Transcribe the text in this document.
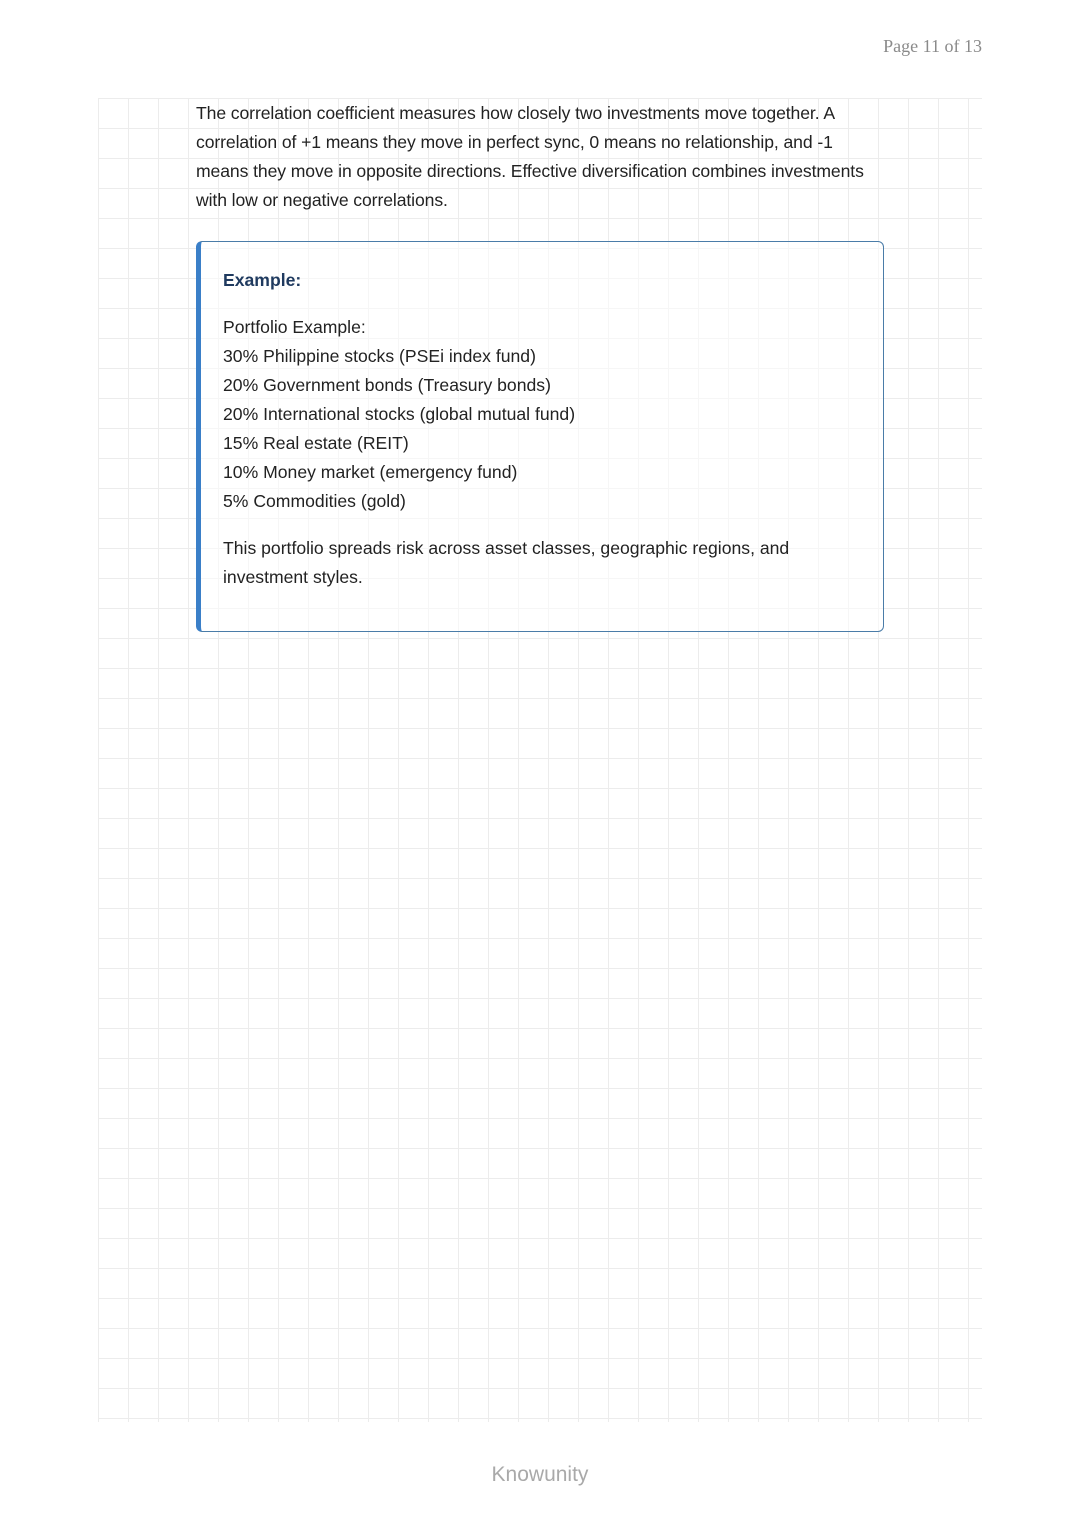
Page 11 of 13

The correlation coefficient measures how closely two investments move together. A correlation of +1 means they move in perfect sync, 0 means no relationship, and -1 means they move in opposite directions. Effective diversification combines investments with low or negative correlations.

Example:

Portfolio Example:

30% Philippine stocks (PSEi index fund)
20% Government bonds (Treasury bonds)
20% International stocks (global mutual fund)
15% Real estate (REIT)
10% Money market (emergency fund)
5% Commodities (gold)

This portfolio spreads risk across asset classes, geographic regions, and investment styles.

Knowunity
